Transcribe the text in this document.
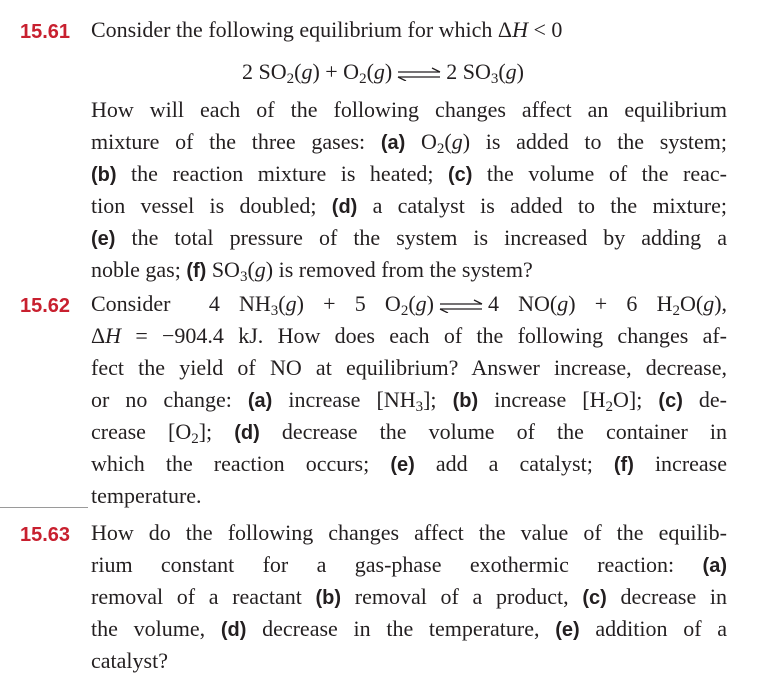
15.61 Consider the following equilibrium for which ΔH < 0
2 $SO_2(g) + O_2(g)$ ⇌ 2 $SO_3(g)$
How will each of the following changes affect an equilibrium
mixture of the three gases: (a) $O_2(g)$ is added to the system;
(b) the reaction mixture is heated; (c) the volume of the reac-
tion vessel is doubled; (d) a catalyst is added to the mixture;
(e) the total pressure of the system is increased by adding a
noble gas; (f) $SO_3(g)$ is removed from the system?
15.62 Consider  4 $NH_3(g) + 5$ $O_2(g)$ ⇌ 4 NO(g) + 6 $H_2O(g)$,
ΔH = −904.4 kJ. How does each of the following changes af-
fect the yield of NO at equilibrium? Answer increase, decrease,
or no change: (a) increase $[NH_3]$; (b) increase $[H_2O]$; (c) de-
crease $[O_2]$; (d) decrease the volume of the container in
which the reaction occurs; (e) add a catalyst; (f) increase
temperature.
15.63 How do the following changes affect the value of the equilib-
rium constant for a gas-phase exothermic reaction: (a)
removal of a reactant (b) removal of a product, (c) decrease in
the volume, (d) decrease in the temperature, (e) addition of a
catalyst?
